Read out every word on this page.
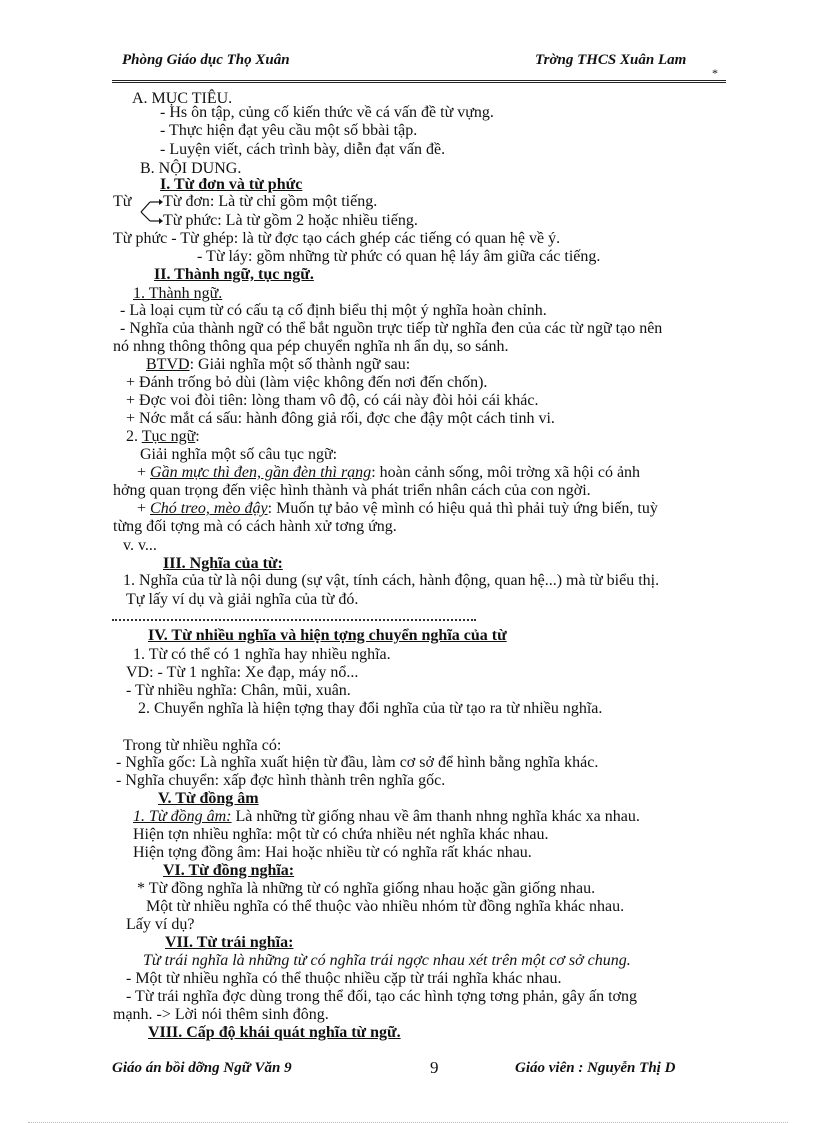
Phòng Giáo dục Thọ Xuân	Trờng THCS Xuân Lam
*
A. MỤC TIÊU.
- Hs ôn tập, củng cố kiến thức về cá vấn đề từ vựng.
- Thực hiện đạt yêu cầu một số bbài tập.
- Luyện viết, cách trình bày, diễn đạt vấn đề.
B. NỘI DUNG.
I. Từ đơn và từ phức
Từ Từ đơn: Là từ chỉ gồm một tiếng.
Từ phức: Là từ gồm 2 hoặc nhiều tiếng.
Từ phức - Từ ghép: là từ đợc tạo cách ghép các tiếng có quan hệ về ý.
- Từ láy: gồm những từ phức có quan hệ láy âm giữa các tiếng.
II. Thành ngữ, tục ngữ.
1. Thành ngữ.
- Là loại cụm từ có cấu tạ cố định biểu thị một ý nghĩa hoàn chỉnh.
- Nghĩa của thành ngữ có thể bắt nguồn trực tiếp từ nghĩa đen của các từ ngữ tạo nên
nó nhng thông thông qua pép chuyển nghĩa nh ẩn dụ, so sánh.
BTVD: Giải nghĩa một số thành ngữ sau:
+ Đánh trống bỏ dùi (làm việc không đến nơi đến chốn).
+ Đợc voi đòi tiên: lòng tham vô độ, có cái này đòi hỏi cái khác.
+ Nớc mắt cá sấu: hành đông giả rối, đợc che đậy một cách tinh vi.
2. Tục ngữ:
Giải nghĩa một số câu tục ngữ:
+ Gần mực thì đen, gần đèn thì rạng: hoàn cảnh sống, môi trờng xã hội có ảnh
hởng quan trọng đến việc hình thành và phát triển nhân cách của con ngời.
+ Chó treo, mèo đậy: Muốn tự bảo vệ mình có hiệu quả thì phải tuỳ ứng biến, tuỳ
từng đối tợng mà có cách hành xử tơng ứng.
v. v...
III. Nghĩa của từ:
1. Nghĩa của từ là nội dung (sự vật, tính cách, hành động, quan hệ...) mà từ biểu thị.
Tự lấy ví dụ và giải nghĩa của từ đó.
IV. Từ nhiều nghĩa và hiện tợng chuyển nghĩa của từ
1. Từ có thể có 1 nghĩa hay nhiều nghĩa.
VD: - Từ 1 nghĩa: Xe đạp, máy nổ...
- Từ nhiều nghĩa: Chân, mũi, xuân.
2. Chuyển nghĩa là hiện tợng thay đổi nghĩa của từ tạo ra từ nhiều nghĩa.
Trong từ nhiều nghĩa có:
- Nghĩa gốc: Là nghĩa xuất hiện từ đầu, làm cơ sở để hình bằng nghĩa khác.
- Nghĩa chuyển: xấp đợc hình thành trên nghĩa gốc.
V. Từ đồng âm
1. Từ đồng âm: Là những từ giống nhau về âm thanh nhng nghĩa khác xa nhau.
Hiện tợn nhiều nghĩa: một từ có chứa nhiều nét nghĩa khác nhau.
Hiện tợng đồng âm: Hai hoặc nhiều từ có nghĩa rất khác nhau.
VI. Từ đồng nghĩa:
* Từ đồng nghĩa là những từ có nghĩa giống nhau hoặc gần giống nhau.
Một từ nhiều nghĩa có thể thuộc vào nhiều nhóm từ đồng nghĩa khác nhau.
Lấy ví dụ?
VII. Từ trái nghĩa:
Từ trái nghĩa là những từ có nghĩa trái ngợc nhau xét trên một cơ sở chung.
- Một từ nhiều nghĩa có thể thuộc nhiều cặp từ trái nghĩa khác nhau.
- Từ trái nghĩa đợc dùng trong thể đối, tạo các hình tợng tơng phản, gây ấn tơng
mạnh. -> Lời nói thêm sinh đông.
VIII. Cấp độ khái quát nghĩa từ ngữ.
Giáo án bồi dỡng Ngữ Văn 9	9	Giáo viên : Nguyễn Thị D
